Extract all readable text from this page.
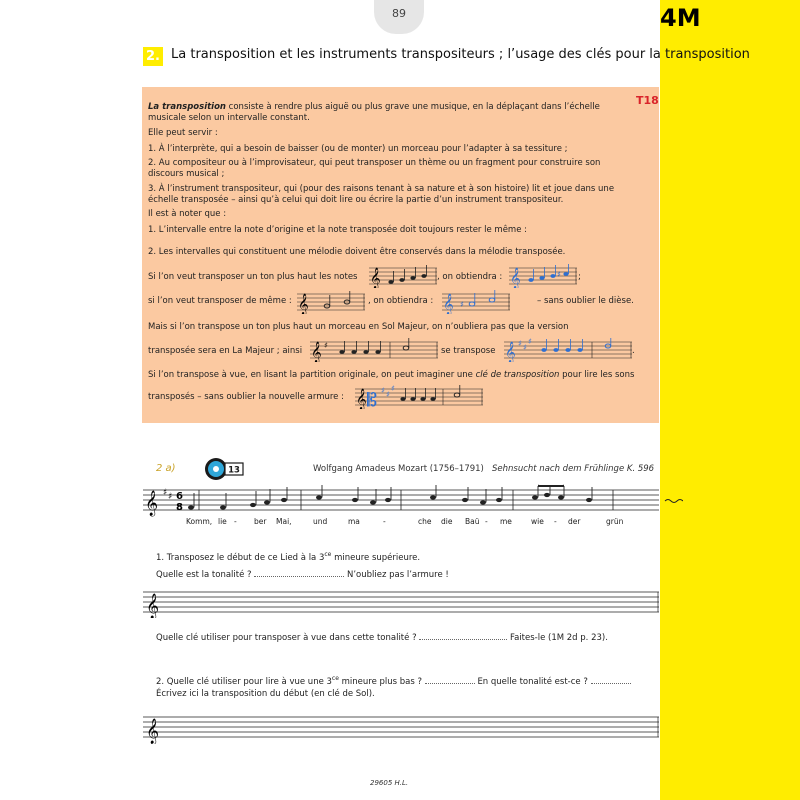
89	4M
2. La transposition et les instruments transpositeurs ; l’usage des clés pour la transposition
T18
La transposition consiste à rendre plus aiguë ou plus grave une musique, en la déplaçant dans l’échelle
musicale selon un intervalle constant.
Elle peut servir :
1. À l’interprète, qui a besoin de baisser (ou de monter) un morceau pour l’adapter à sa tessiture ;
2. Au compositeur ou à l’improvisateur, qui peut transposer un thème ou un fragment pour construire son
discours musical ;
3. À l’instrument transpositeur, qui (pour des raisons tenant à sa nature et à son histoire) lit et joue dans une
échelle transposée – ainsi qu’à celui qui doit lire ou écrire la partie d’un instrument transpositeur.
Il est à noter que :
1. L’intervalle entre la note d’origine et la note transposée doit toujours rester le même :
2. Les intervalles qui constituent une mélodie doivent être conservés dans la mélodie transposée.
Si l’on veut transposer un ton plus haut les notes	, on obtiendra :	;
si l’on veut transposer de même :	, on obtiendra :	– sans oublier le dièse.
Mais si l’on transpose un ton plus haut un morceau en Sol Majeur, on n’oubliera pas que la version
transposée sera en La Majeur ; ainsi	se transpose	.
Si l’on transpose à vue, en lisant la partition originale, on peut imaginer une clé de transposition pour lire les sons
transposés – sans oublier la nouvelle armure :
𝄞	𝄞	♯
𝄞	𝄞 ♯
𝄞 ♯	𝄞 ♯ ♯
♯
𝄞 𝄡 ♯ ♯
♯
2 a)	13	Wolfgang Amadeus Mozart (1756–1791) Sehnsucht nach dem Frühlinge K. 596
𝄞 ♯ ♯ 6
8
Komm, lie - ber Mai,	und	ma	-	che die Baü - me	wie - der	grün
1. Transposez le début de ce Lied à la $3^{ce}$ mineure supérieure.
Quelle est la tonalité ?	N’oubliez pas l’armure !
𝄞
Quelle clé utiliser pour transposer à vue dans cette tonalité ?	Faites-le (1M 2d p. 23).
2. Quelle clé utiliser pour lire à vue une $3^{ce}$ mineure plus bas ?	En quelle tonalité est-ce ?
Écrivez ici la transposition du début (en clé de Sol).
𝄞
29605 H.L.
